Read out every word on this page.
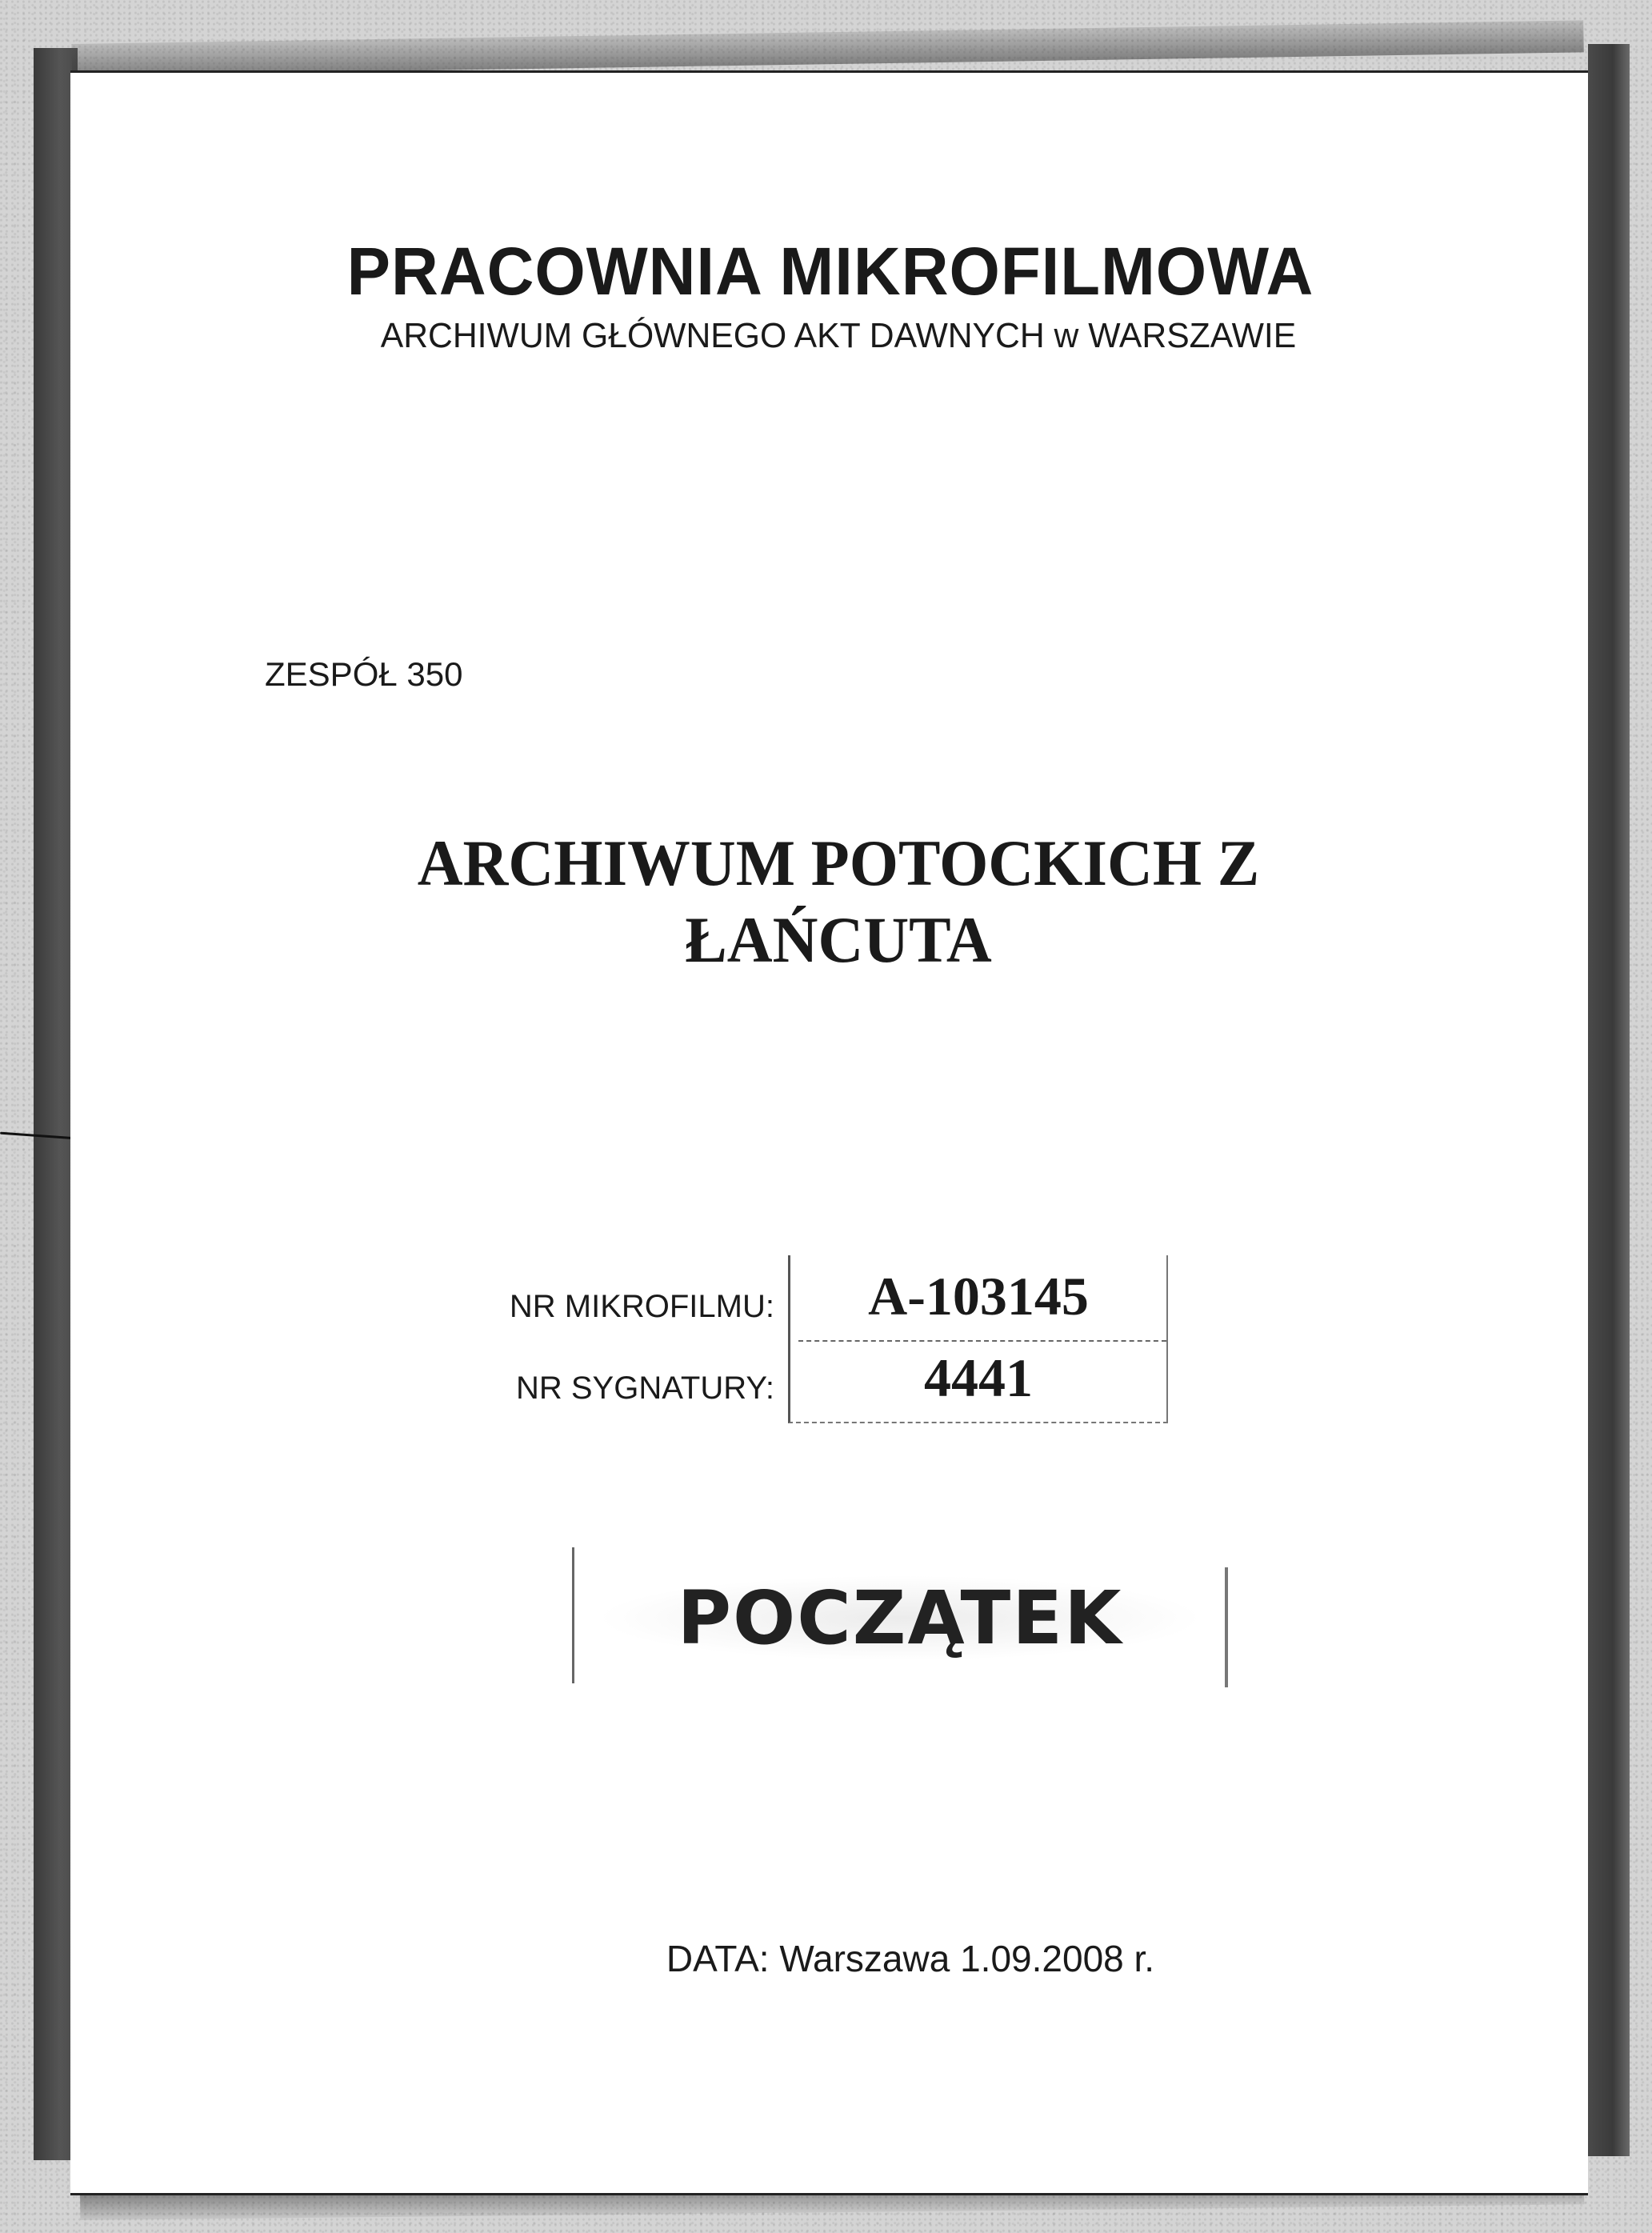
PRACOWNIA MIKROFILMOWA
ARCHIWUM GŁÓWNEGO AKT DAWNYCH w WARSZAWIE
ZESPÓŁ 350
ARCHIWUM POTOCKICH Z
ŁAŃCUTA
NR MIKROFILMU:
NR SYGNATURY:
A-103145
4441
POCZĄTEK
DATA: Warszawa 1.09.2008 r.
